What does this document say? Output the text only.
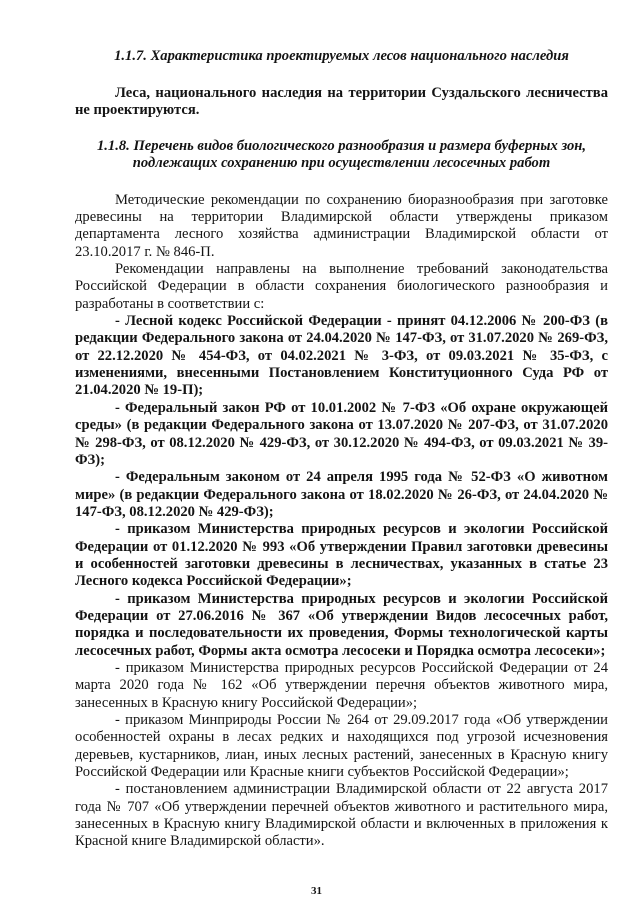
1.1.7. Характеристика проектируемых лесов национального наследия

Леса, национального наследия на территории Суздальского лесничества не проектируются.

1.1.8. Перечень видов биологического разнообразия и размера буферных зон,
подлежащих сохранению при осуществлении лесосечных работ

Методические рекомендации по сохранению биоразнообразия при заготовке древесины на территории Владимирской области утверждены приказом департамента лесного хозяйства администрации Владимирской области от 23.10.2017 г. № 846-П.

Рекомендации направлены на выполнение требований законодательства Российской Федерации в области сохранения биологического разнообразия и разработаны в соответствии с:

- Лесной кодекс Российской Федерации - принят 04.12.2006 № 200-ФЗ (в редакции Федерального закона от 24.04.2020 № 147-ФЗ, от 31.07.2020 № 269-ФЗ, от 22.12.2020 № 454-ФЗ, от 04.02.2021 № 3-ФЗ, от 09.03.2021 № 35-ФЗ, с изменениями, внесенными Постановлением Конституционного Суда РФ от 21.04.2020 № 19-П);

- Федеральный закон РФ от 10.01.2002 № 7-ФЗ «Об охране окружающей среды» (в редакции Федерального закона от 13.07.2020 № 207-ФЗ, от 31.07.2020 № 298-ФЗ, от 08.12.2020 № 429-ФЗ, от 30.12.2020 № 494-ФЗ, от 09.03.2021 № 39-ФЗ);

- Федеральным законом от 24 апреля 1995 года № 52-ФЗ «О животном мире» (в редакции Федерального закона от 18.02.2020 № 26-ФЗ, от 24.04.2020 № 147-ФЗ, 08.12.2020 № 429-ФЗ);

- приказом Министерства природных ресурсов и экологии Российской Федерации от 01.12.2020 № 993 «Об утверждении Правил заготовки древесины и особенностей заготовки древесины в лесничествах, указанных в статье 23 Лесного кодекса Российской Федерации»;

- приказом Министерства природных ресурсов и экологии Российской Федерации от 27.06.2016 № 367 «Об утверждении Видов лесосечных работ, порядка и последовательности их проведения, Формы технологической карты лесосечных работ, Формы акта осмотра лесосеки и Порядка осмотра лесосеки»;

- приказом Министерства природных ресурсов Российской Федерации от 24 марта 2020 года № 162 «Об утверждении перечня объектов животного мира, занесенных в Красную книгу Российской Федерации»;

- приказом Минприроды России № 264 от 29.09.2017 года «Об утверждении особенностей охраны в лесах редких и находящихся под угрозой исчезновения деревьев, кустарников, лиан, иных лесных растений, занесенных в Красную книгу Российской Федерации или Красные книги субъектов Российской Федерации»;

- постановлением администрации Владимирской области от 22 августа 2017 года № 707 «Об утверждении перечней объектов животного и растительного мира, занесенных в Красную книгу Владимирской области и включенных в приложения к Красной книге Владимирской области».

31
